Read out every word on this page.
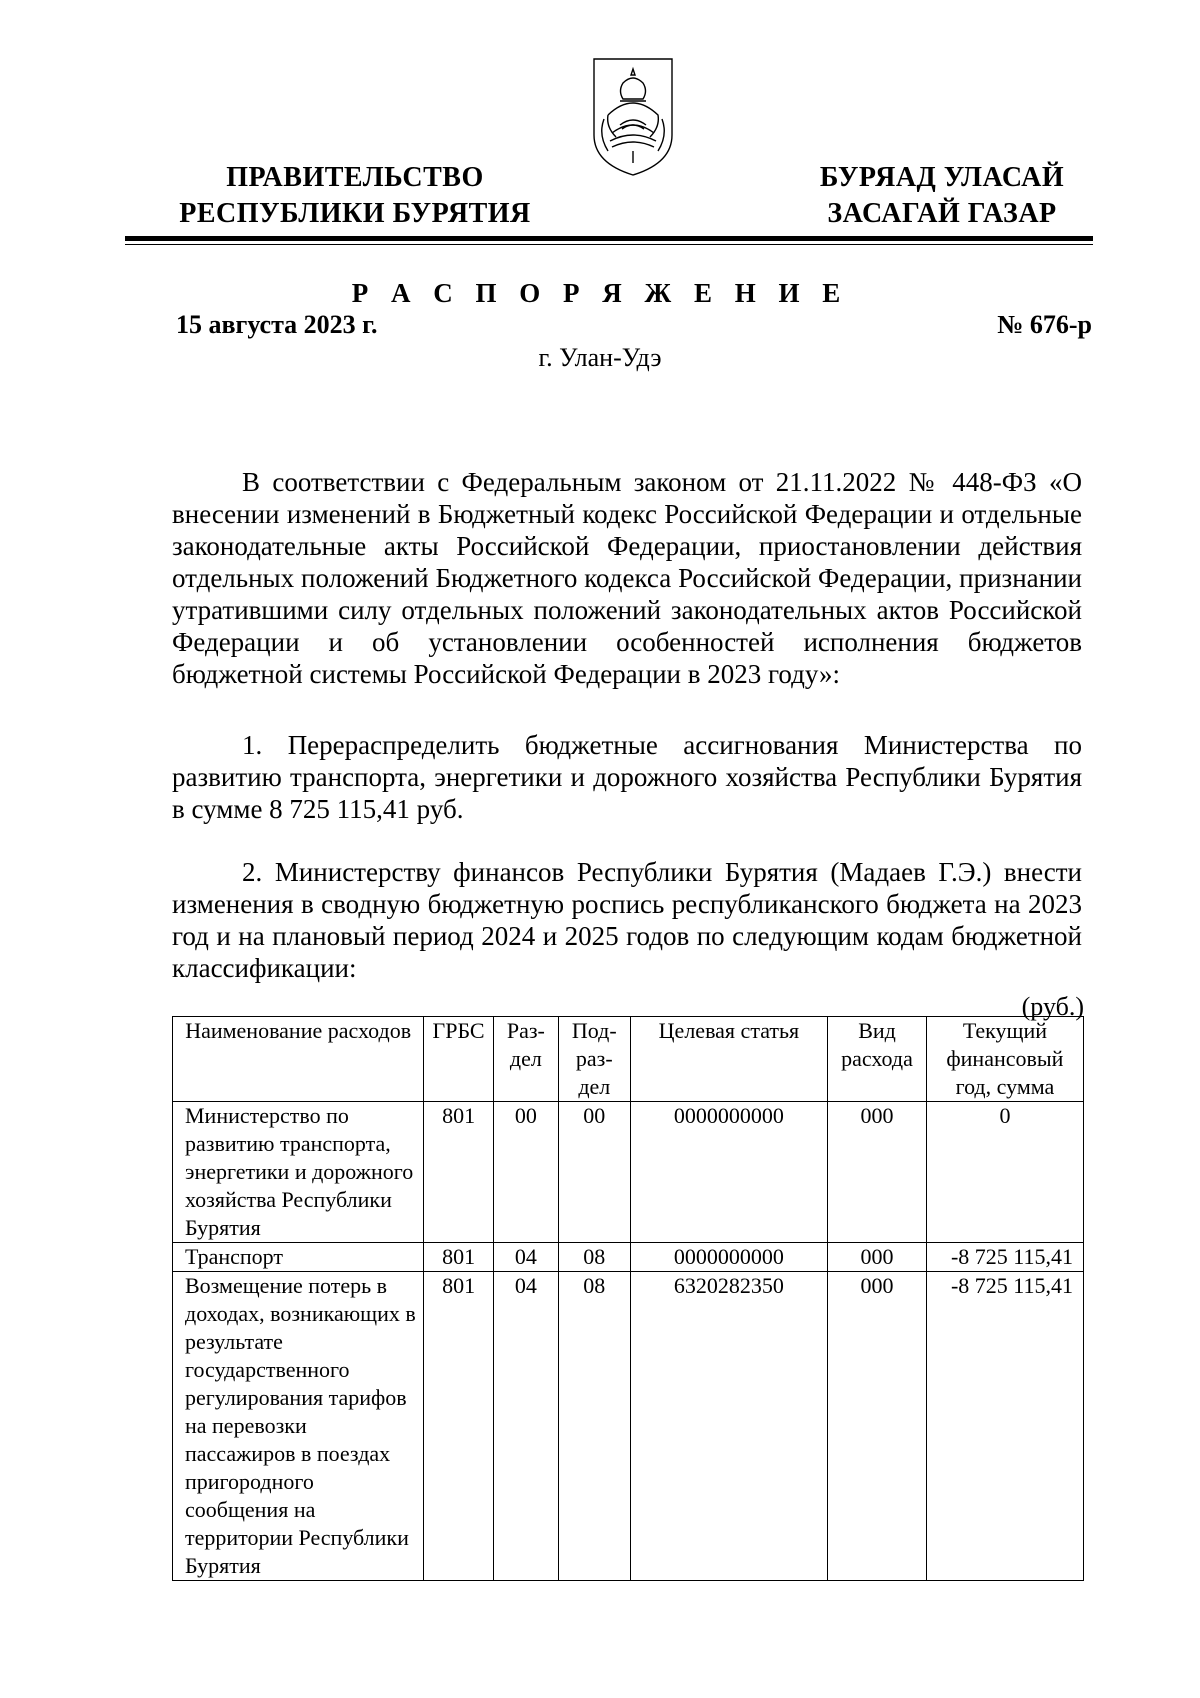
ПРАВИТЕЛЬСТВО
РЕСПУБЛИКИ БУРЯТИЯ
БУРЯАД УЛАСАЙ
ЗАСАГАЙ ГАЗАР
Р А С П О Р Я Ж Е Н И Е
15 августа 2023 г.	№ 676-р
г. Улан-Удэ

В соответствии с Федеральным законом от 21.11.2022 № 448-ФЗ «О внесении изменений в Бюджетный кодекс Российской Федерации и отдельные законодательные акты Российской Федерации, приостановлении действия отдельных положений Бюджетного кодекса Российской Федерации, признании утратившими силу отдельных положений законодательных актов Российской Федерации и об установлении особенностей исполнения бюджетов бюджетной системы Российской Федерации в 2023 году»:

1. Перераспределить бюджетные ассигнования Министерства по развитию транспорта, энергетики и дорожного хозяйства Республики Бурятия в сумме 8 725 115,41 руб.

2. Министерству финансов Республики Бурятия (Мадаев Г.Э.) внести изменения в сводную бюджетную роспись республиканского бюджета на 2023 год и на плановый период 2024 и 2025 годов по следующим кодам бюджетной классификации:

(руб.)
Наименование расходов	ГРБС	Раз-дел	Под-раз-дел	Целевая статья	Вид расхода	Текущий финансовый год, сумма
Министерство по развитию транспорта, энергетики и дорожного хозяйства Республики Бурятия	801	00	00	0000000000	000	0
Транспорт	801	04	08	0000000000	000	-8 725 115,41
Возмещение потерь в доходах, возникающих в результате государственного регулирования тарифов на перевозки пассажиров в поездах пригородного сообщения на территории Республики Бурятия	801	04	08	6320282350	000	-8 725 115,41
